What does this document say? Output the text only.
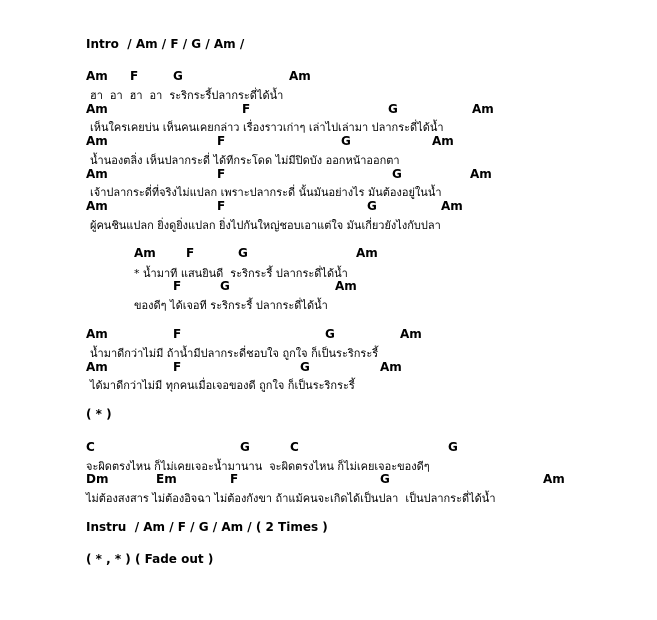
Intro  / Am / F / G / Am /
Am F	G	Am
ฮา  อา  ฮา  อา  ระริกระรี้ปลากระดี่ได้น้ำ
Am	F	G	Am
เห็นใครเคยบ่น เห็นคนเคยกล่าว เรื่องราวเก่าๆ เล่าไปเล่ามา ปลากระดี่ได้น้ำ
Am	F	G	Am
น้ำนองตลิ่ง เห็นปลากระดี่ ได้ทีกระโดด ไม่มีปิดบัง ออกหน้าออกตา
Am	F	G	Am
เจ้าปลากระดี่ที่จริงไม่แปลก เพราะปลากระดี่ นั้นมันอย่างไร มันต้องอยู่ในน้ำ
Am	F	G	Am
ผู้คนชินแปลก ยิ่งดูยิ่งแปลก ยิ่งไปกันใหญ่ชอบเอาแต่ใจ มันเกี่ยวยังไงกับปลา
Am	F	G	Am
* น้ำมาที แสนยินดี  ระริกระรี้ ปลากระดี่ได้น้ำ
F	G	Am
ของดีๆ ได้เจอที ระริกระรี้ ปลากระดี่ได้น้ำ
Am	F	G	Am
น้ำมาดีกว่าไม่มี ถ้าน้ำมีปลากระดี่ชอบใจ ถูกใจ ก็เป็นระริกระรี้
Am	F	G	Am
ได้มาดีกว่าไม่มี ทุกคนเมื่อเจอของดี ถูกใจ ก็เป็นระริกระรี้
( * )
C	G	C	G
จะผิดตรงไหน ก็ไม่เคยเจอะน้ำมานาน  จะผิดตรงไหน ก็ไม่เคยเจอะของดีๆ
Dm	Em	F	G	Am
ไม่ต้องสงสาร ไม่ต้องอิจฉา ไม่ต้องกังขา ถ้าแม้คนจะเกิดได้เป็นปลา  เป็นปลากระดี่ได้น้ำ
Instru  / Am / F / G / Am / ( 2 Times )
( * , * ) ( Fade out )
